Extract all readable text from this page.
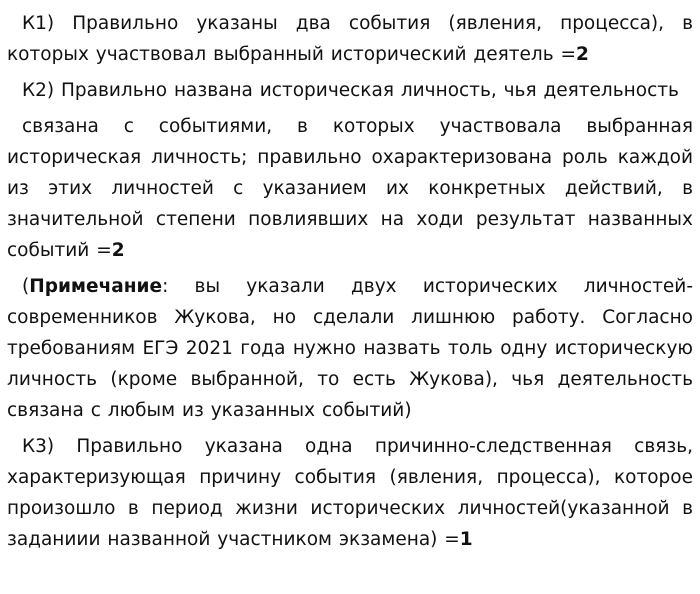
К1) Правильно указаны два события (явления, процесса), в которых участвовал выбранный исторический деятель =2

К2) Правильно названа историческая личность, чья деятельность

связана с событиями, в которых участвовала выбранная историческая личность; правильно охарактеризована роль каждой из этих личностей с указанием их конкретных действий, в значительной степени повлиявших на ходи результат названных событий =2

(Примечание: вы указали двух исторических личностей-современников Жукова, но сделали лишнюю работу. Согласно требованиям ЕГЭ 2021 года нужно назвать толь одну историческую личность (кроме выбранной, то есть Жукова), чья деятельность связана с любым из указанных событий)

К3) Правильно указана одна причинно-следственная связь, характеризующая причину события (явления, процесса), которое произошло в период жизни исторических личностей(указанной в заданиии названной участником экзамена) =1
